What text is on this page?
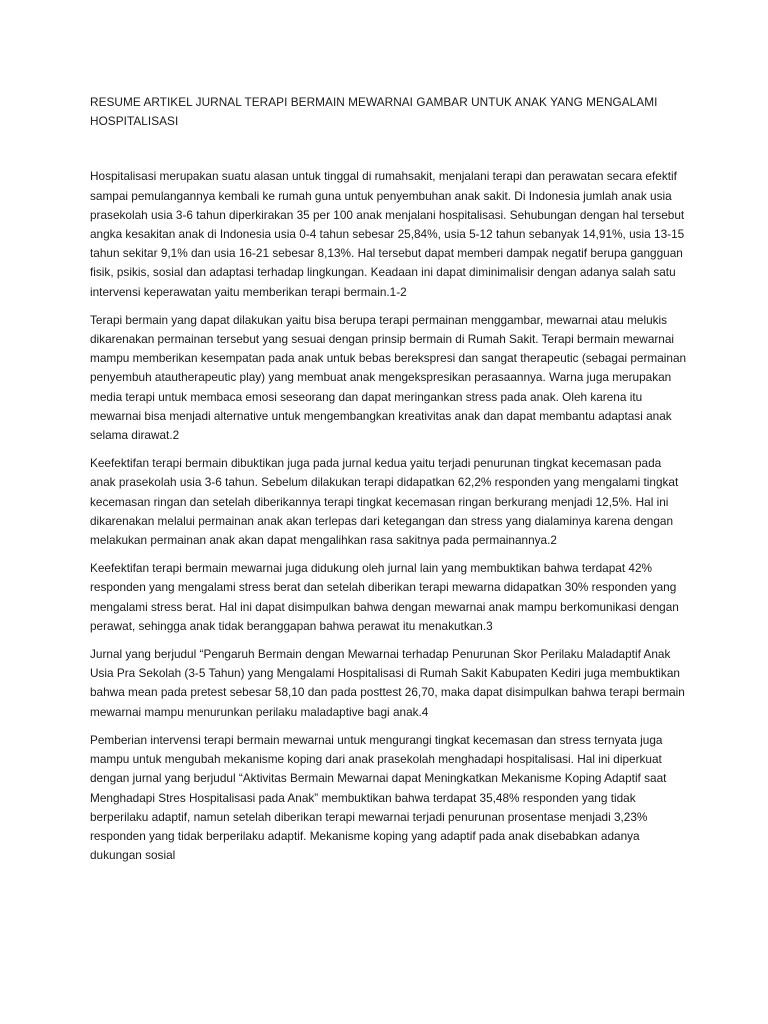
RESUME ARTIKEL JURNAL TERAPI BERMAIN MEWARNAI GAMBAR UNTUK ANAK YANG MENGALAMI HOSPITALISASI

Hospitalisasi merupakan suatu alasan untuk tinggal di rumahsakit, menjalani terapi dan perawatan secara efektif sampai pemulangannya kembali ke rumah guna untuk penyembuhan anak sakit. Di Indonesia jumlah anak usia prasekolah usia 3-6 tahun diperkirakan 35 per 100 anak menjalani hospitalisasi. Sehubungan dengan hal tersebut angka kesakitan anak di Indonesia usia 0-4 tahun sebesar 25,84%, usia 5-12 tahun sebanyak 14,91%, usia 13-15 tahun sekitar 9,1% dan usia 16-21 sebesar 8,13%. Hal tersebut dapat memberi dampak negatif berupa gangguan fisik, psikis, sosial dan adaptasi terhadap lingkungan. Keadaan ini dapat diminimalisir dengan adanya salah satu intervensi keperawatan yaitu memberikan terapi bermain.1-2

Terapi bermain yang dapat dilakukan yaitu bisa berupa terapi permainan menggambar, mewarnai atau melukis dikarenakan permainan tersebut yang sesuai dengan prinsip bermain di Rumah Sakit. Terapi bermain mewarnai mampu memberikan kesempatan pada anak untuk bebas berekspresi dan sangat therapeutic (sebagai permainan penyembuh atautherapeutic play) yang membuat anak mengekspresikan perasaannya. Warna juga merupakan media terapi untuk membaca emosi seseorang dan dapat meringankan stress pada anak. Oleh karena itu mewarnai bisa menjadi alternative untuk mengembangkan kreativitas anak dan dapat membantu adaptasi anak selama dirawat.2

Keefektifan terapi bermain dibuktikan juga pada jurnal kedua yaitu terjadi penurunan tingkat kecemasan pada anak prasekolah usia 3-6 tahun. Sebelum dilakukan terapi didapatkan 62,2% responden yang mengalami tingkat kecemasan ringan dan setelah diberikannya terapi tingkat kecemasan ringan berkurang menjadi 12,5%. Hal ini dikarenakan melalui permainan anak akan terlepas dari ketegangan dan stress yang dialaminya karena dengan melakukan permainan anak akan dapat mengalihkan rasa sakitnya pada permainannya.2

Keefektifan terapi bermain mewarnai juga didukung oleh jurnal lain yang membuktikan bahwa terdapat 42% responden yang mengalami stress berat dan setelah diberikan terapi mewarna didapatkan 30% responden yang mengalami stress berat. Hal ini dapat disimpulkan bahwa dengan mewarnai anak mampu berkomunikasi dengan perawat, sehingga anak tidak beranggapan bahwa perawat itu menakutkan.3

Jurnal yang berjudul “Pengaruh Bermain dengan Mewarnai terhadap Penurunan Skor Perilaku Maladaptif Anak Usia Pra Sekolah (3-5 Tahun) yang Mengalami Hospitalisasi di Rumah Sakit Kabupaten Kediri juga membuktikan bahwa mean pada pretest sebesar 58,10 dan pada posttest 26,70, maka dapat disimpulkan bahwa terapi bermain mewarnai mampu menurunkan perilaku maladaptive bagi anak.4

Pemberian intervensi terapi bermain mewarnai untuk mengurangi tingkat kecemasan dan stress ternyata juga mampu untuk mengubah mekanisme koping dari anak prasekolah menghadapi hospitalisasi. Hal ini diperkuat dengan jurnal yang berjudul “Aktivitas Bermain Mewarnai dapat Meningkatkan Mekanisme Koping Adaptif saat Menghadapi Stres Hospitalisasi pada Anak” membuktikan bahwa terdapat 35,48% responden yang tidak berperilaku adaptif, namun setelah diberikan terapi mewarnai terjadi penurunan prosentase menjadi 3,23% responden yang tidak berperilaku adaptif. Mekanisme koping yang adaptif pada anak disebabkan adanya dukungan sosial
